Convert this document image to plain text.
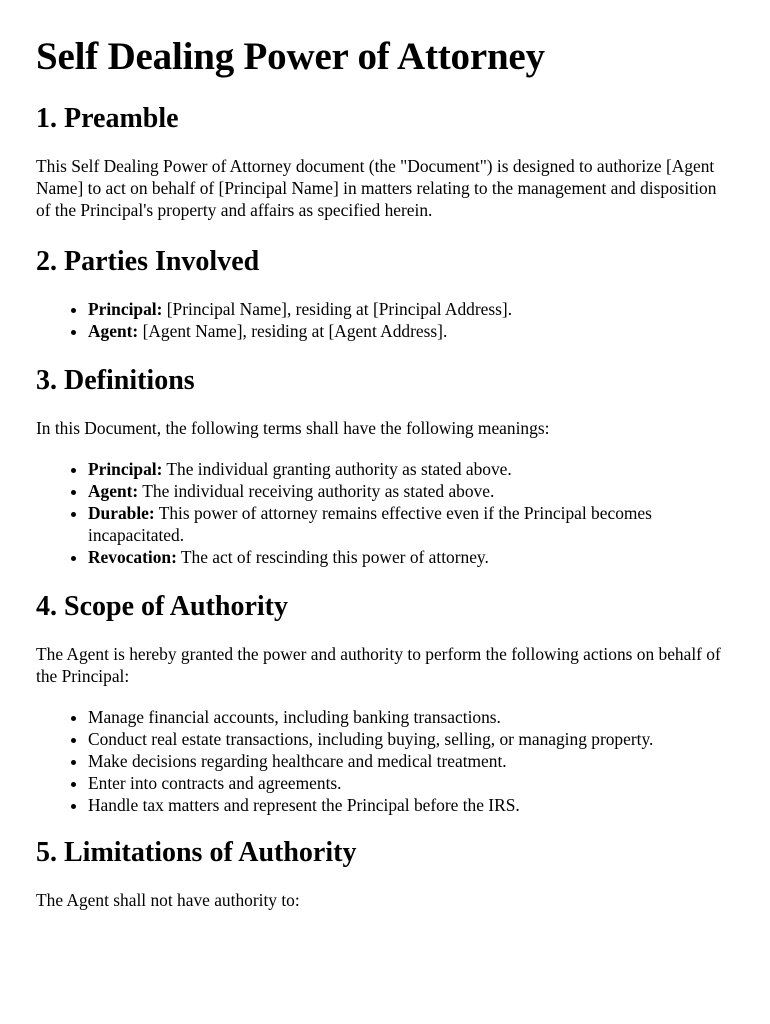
Self Dealing Power of Attorney
1. Preamble

This Self Dealing Power of Attorney document (the "Document") is designed to authorize [Agent Name] to act on behalf of [Principal Name] in matters relating to the management and disposition of the Principal's property and affairs as specified herein.

2. Parties Involved
• Principal: [Principal Name], residing at [Principal Address].
• Agent: [Agent Name], residing at [Agent Address].
3. Definitions

In this Document, the following terms shall have the following meanings:

• Principal: The individual granting authority as stated above.
• Agent: The individual receiving authority as stated above.
• Durable: This power of attorney remains effective even if the Principal becomes incapacitated.
• Revocation: The act of rescinding this power of attorney.
4. Scope of Authority

The Agent is hereby granted the power and authority to perform the following actions on behalf of the Principal:

• Manage financial accounts, including banking transactions.
• Conduct real estate transactions, including buying, selling, or managing property.
• Make decisions regarding healthcare and medical treatment.
• Enter into contracts and agreements.
• Handle tax matters and represent the Principal before the IRS.
5. Limitations of Authority

The Agent shall not have authority to:
